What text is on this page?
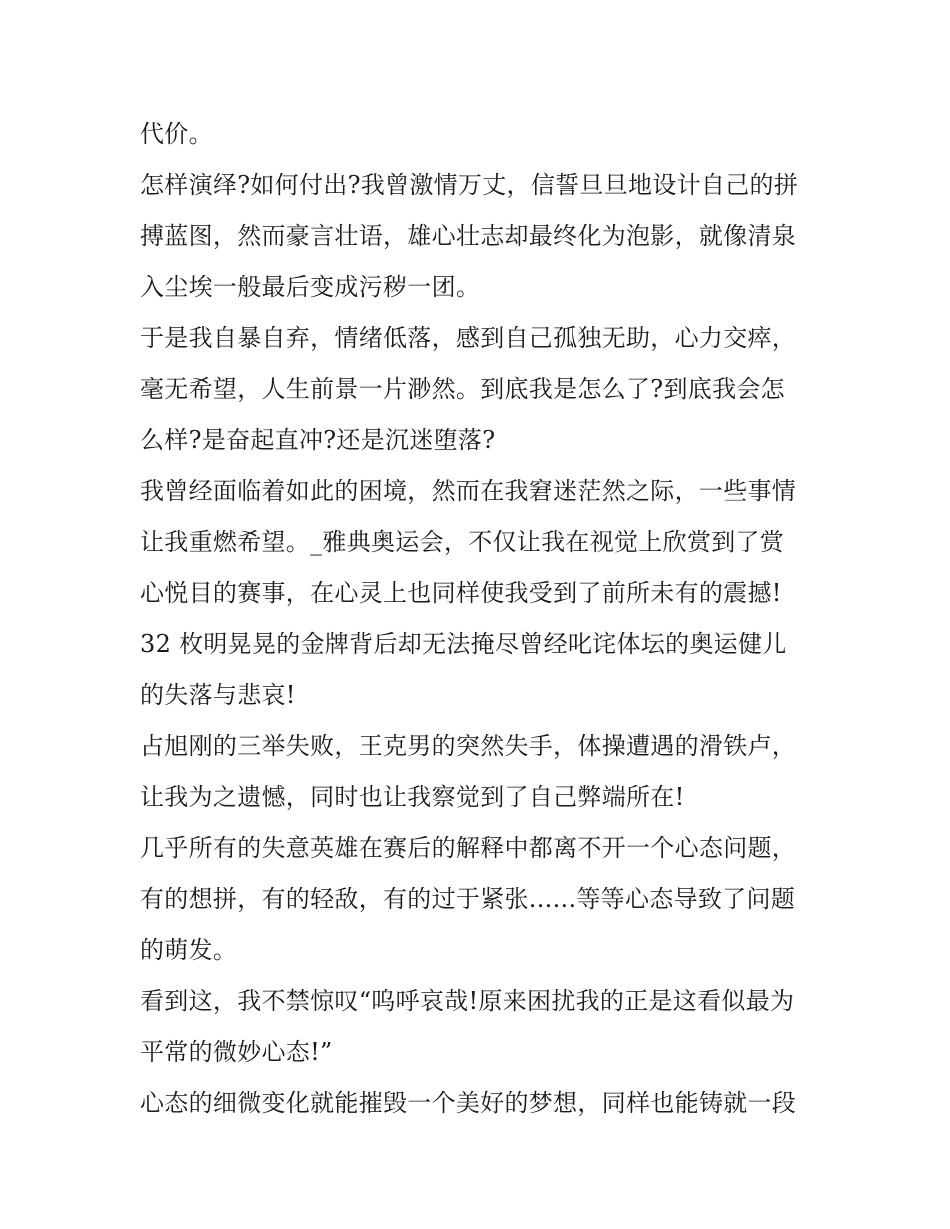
代价。
怎样演绎?如何付出?我曾激情万丈，信誓旦旦地设计自己的拼
搏蓝图，然而豪言壮语，雄心壮志却最终化为泡影，就像清泉
入尘埃一般最后变成污秽一团。
于是我自暴自弃，情绪低落，感到自己孤独无助，心力交瘁，
毫无希望，人生前景一片渺然。到底我是怎么了?到底我会怎
么样?是奋起直冲?还是沉迷堕落?
我曾经面临着如此的困境，然而在我窘迷茫然之际，一些事情
让我重燃希望。_雅典奥运会，不仅让我在视觉上欣赏到了赏
心悦目的赛事，在心灵上也同样使我受到了前所未有的震撼!
32 枚明晃晃的金牌背后却无法掩尽曾经叱诧体坛的奥运健儿
的失落与悲哀!
占旭刚的三举失败，王克男的突然失手，体操遭遇的滑铁卢，
让我为之遗憾，同时也让我察觉到了自己弊端所在!
几乎所有的失意英雄在赛后的解释中都离不开一个心态问题，
有的想拼，有的轻敌，有的过于紧张......等等心态导致了问题
的萌发。
看到这，我不禁惊叹“呜呼哀哉!原来困扰我的正是这看似最为
平常的微妙心态!”
心态的细微变化就能摧毁一个美好的梦想，同样也能铸就一段
